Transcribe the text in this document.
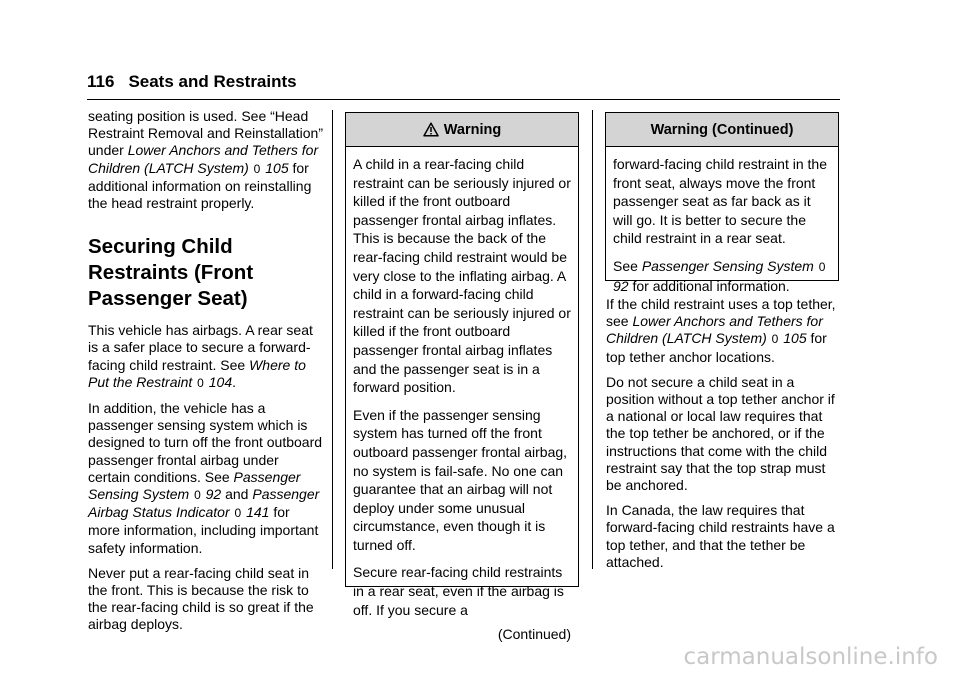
116 Seats and Restraints

seating position is used. See “Head Restraint Removal and Reinstallation” under Lower Anchors and Tethers for Children (LATCH System) 0 105 for additional information on reinstalling the head restraint properly.

Securing Child Restraints (Front Passenger Seat)

This vehicle has airbags. A rear seat is a safer place to secure a forward-facing child restraint. See Where to Put the Restraint 0 104.

In addition, the vehicle has a passenger sensing system which is designed to turn off the front outboard passenger frontal airbag under certain conditions. See Passenger Sensing System 0 92 and Passenger Airbag Status Indicator 0 141 for more information, including important safety information.

Never put a rear-facing child seat in the front. This is because the risk to the rear-facing child is so great if the airbag deploys.

Warning

A child in a rear-facing child restraint can be seriously injured or killed if the front outboard passenger frontal airbag inflates. This is because the back of the rear-facing child restraint would be very close to the inflating airbag. A child in a forward-facing child restraint can be seriously injured or killed if the front outboard passenger frontal airbag inflates and the passenger seat is in a forward position.

Even if the passenger sensing system has turned off the front outboard passenger frontal airbag, no system is fail-safe. No one can guarantee that an airbag will not deploy under some unusual circumstance, even though it is turned off.

Secure rear-facing child restraints in a rear seat, even if the airbag is off. If you secure a

(Continued)
Warning (Continued)

forward-facing child restraint in the front seat, always move the front passenger seat as far back as it will go. It is better to secure the child restraint in a rear seat.

See Passenger Sensing System 0 92 for additional information.

If the child restraint uses a top tether, see Lower Anchors and Tethers for Children (LATCH System) 0 105 for top tether anchor locations.

Do not secure a child seat in a position without a top tether anchor if a national or local law requires that the top tether be anchored, or if the instructions that come with the child restraint say that the top strap must be anchored.

In Canada, the law requires that forward-facing child restraints have a top tether, and that the tether be attached.

carmanualsonline.info
